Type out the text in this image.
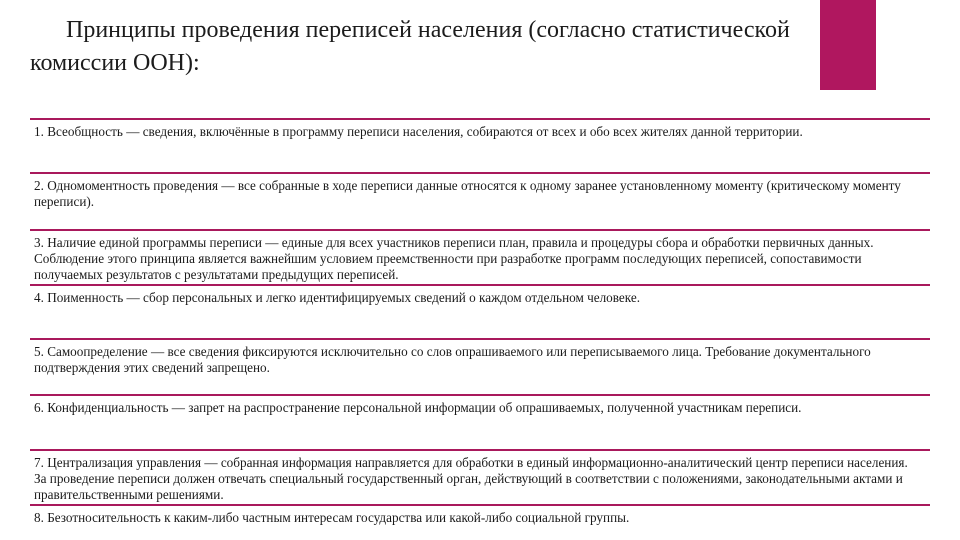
Принципы проведения переписей населения (согласно статистической комиссии ООН):
1. Всеобщность — сведения, включённые в программу переписи населения, собираются от всех и обо всех жителях данной территории.
2. Одномоментность проведения — все собранные в ходе переписи данные относятся к одному заранее установленному моменту (критическому моменту переписи).
3. Наличие единой программы переписи — единые для всех участников переписи план, правила и процедуры сбора и обработки первичных данных. Соблюдение этого принципа является важнейшим условием преемственности при разработке программ последующих переписей, сопоставимости получаемых результатов с результатами предыдущих переписей.
4. Поименность — сбор персональных и легко идентифицируемых сведений о каждом отдельном человеке.
5. Самоопределение — все сведения фиксируются исключительно со слов опрашиваемого или переписываемого лица. Требование документального подтверждения этих сведений запрещено.
6. Конфиденциальность — запрет на распространение персональной информации об опрашиваемых, полученной участникам переписи.
7. Централизация управления — собранная информация направляется для обработки в единый информационно-аналитический центр переписи населения. За проведение переписи должен отвечать специальный государственный орган, действующий в соответствии с положениями, законодательными актами и правительственными решениями.
8. Безотносительность к каким-либо частным интересам государства или какой-либо социальной группы.
